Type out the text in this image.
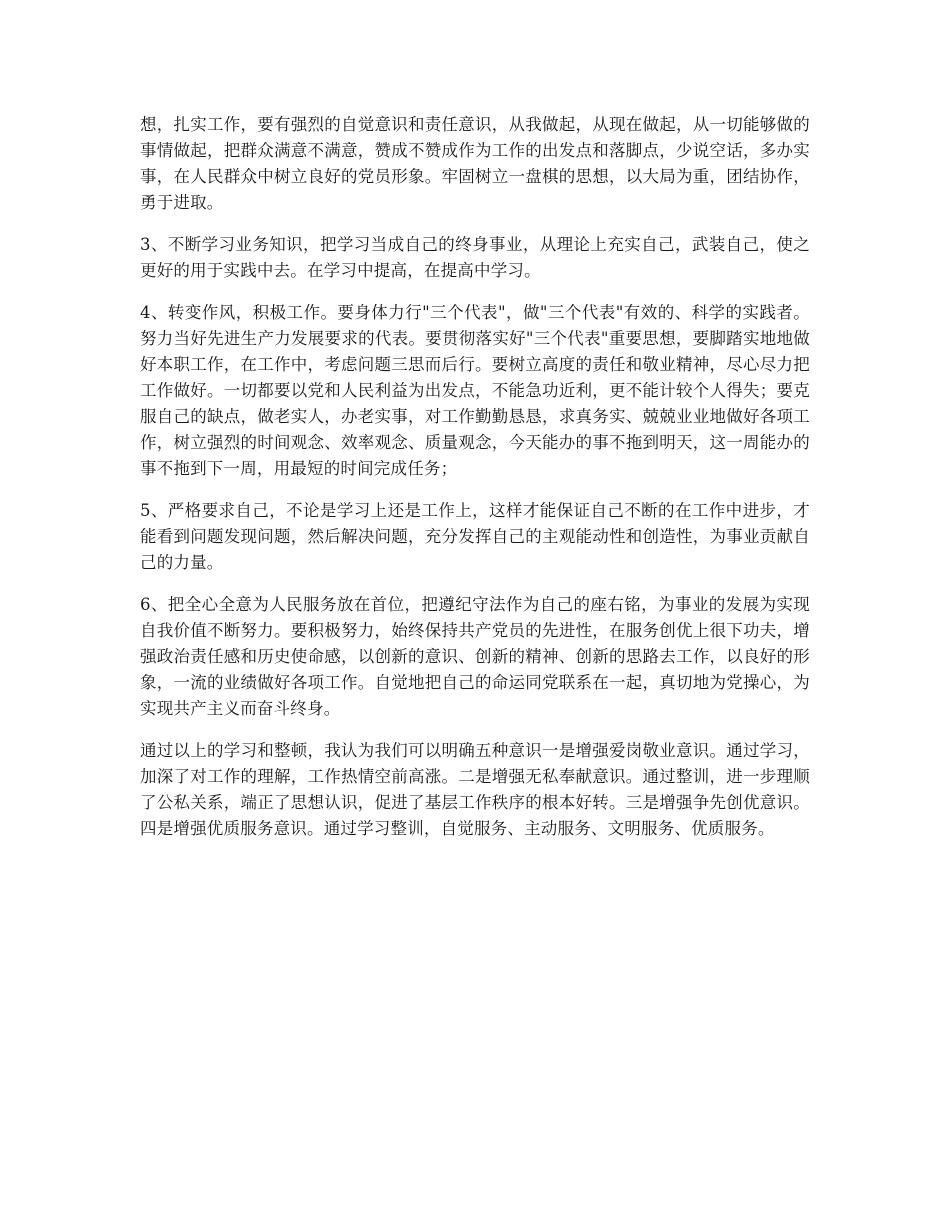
想，扎实工作，要有强烈的自觉意识和责任意识，从我做起，从现在做起，从一切能够做的事情做起，把群众满意不满意，赞成不赞成作为工作的出发点和落脚点，少说空话，多办实事，在人民群众中树立良好的党员形象。牢固树立一盘棋的思想，以大局为重，团结协作，勇于进取。

3、不断学习业务知识，把学习当成自己的终身事业，从理论上充实自己，武装自己，使之更好的用于实践中去。在学习中提高，在提高中学习。

4、转变作风，积极工作。要身体力行"三个代表"，做"三个代表"有效的、科学的实践者。努力当好先进生产力发展要求的代表。要贯彻落实好"三个代表"重要思想，要脚踏实地地做好本职工作，在工作中，考虑问题三思而后行。要树立高度的责任和敬业精神，尽心尽力把工作做好。一切都要以党和人民利益为出发点，不能急功近利，更不能计较个人得失；要克服自己的缺点，做老实人，办老实事，对工作勤勤恳恳，求真务实、兢兢业业地做好各项工作，树立强烈的时间观念、效率观念、质量观念，今天能办的事不拖到明天，这一周能办的事不拖到下一周，用最短的时间完成任务；

5、严格要求自己，不论是学习上还是工作上，这样才能保证自己不断的在工作中进步，才能看到问题发现问题，然后解决问题，充分发挥自己的主观能动性和创造性，为事业贡献自己的力量。

6、把全心全意为人民服务放在首位，把遵纪守法作为自己的座右铭，为事业的发展为实现自我价值不断努力。要积极努力，始终保持共产党员的先进性，在服务创优上很下功夫，增强政治责任感和历史使命感，以创新的意识、创新的精神、创新的思路去工作，以良好的形象，一流的业绩做好各项工作。自觉地把自己的命运同党联系在一起，真切地为党操心，为实现共产主义而奋斗终身。

通过以上的学习和整顿，我认为我们可以明确五种意识一是增强爱岗敬业意识。通过学习，加深了对工作的理解，工作热情空前高涨。二是增强无私奉献意识。通过整训，进一步理顺了公私关系，端正了思想认识，促进了基层工作秩序的根本好转。三是增强争先创优意识。四是增强优质服务意识。通过学习整训，自觉服务、主动服务、文明服务、优质服务。
